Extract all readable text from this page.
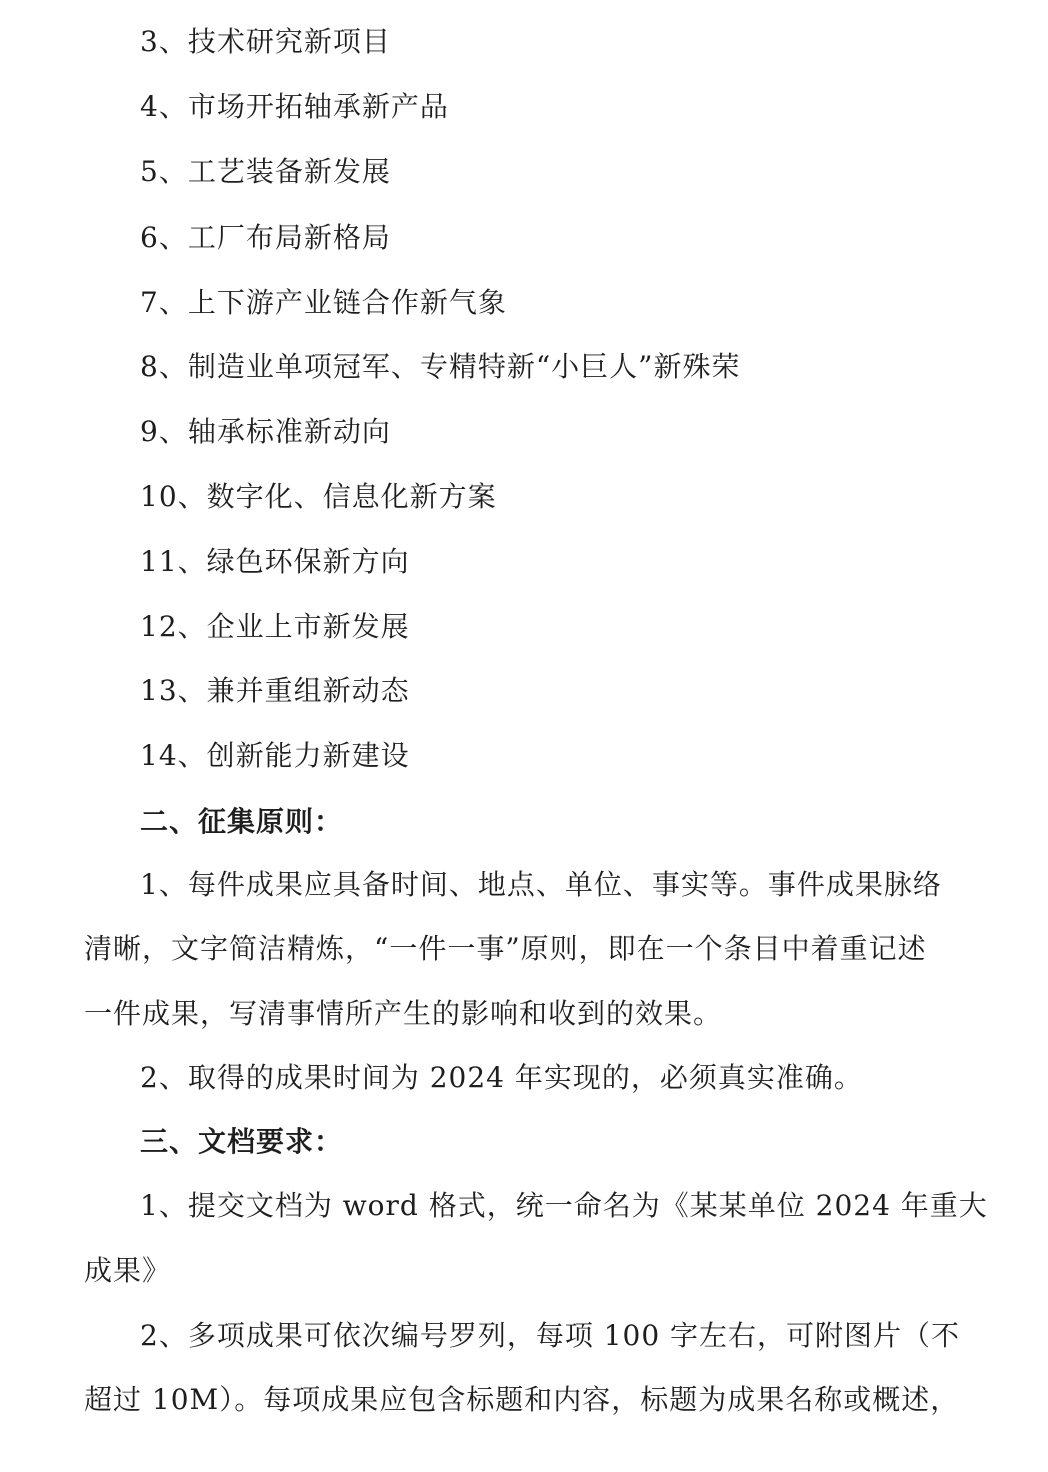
3、技术研究新项目

4、市场开拓轴承新产品

5、工艺装备新发展

6、工厂布局新格局

7、上下游产业链合作新气象

8、制造业单项冠军、专精特新“小巨人”新殊荣

9、轴承标准新动向

10、数字化、信息化新方案

11、绿色环保新方向

12、企业上市新发展

13、兼并重组新动态

14、创新能力新建设

二、征集原则：

1、每件成果应具备时间、地点、单位、事实等。事件成果脉络

清晰，文字简洁精炼，“一件一事”原则，即在一个条目中着重记述

一件成果，写清事情所产生的影响和收到的效果。

2、取得的成果时间为 2024 年实现的，必须真实准确。

三、文档要求：

1、提交文档为 word 格式，统一命名为《某某单位 2024 年重大

成果》

2、多项成果可依次编号罗列，每项 100 字左右，可附图片（不

超过 10M）。每项成果应包含标题和内容，标题为成果名称或概述，
